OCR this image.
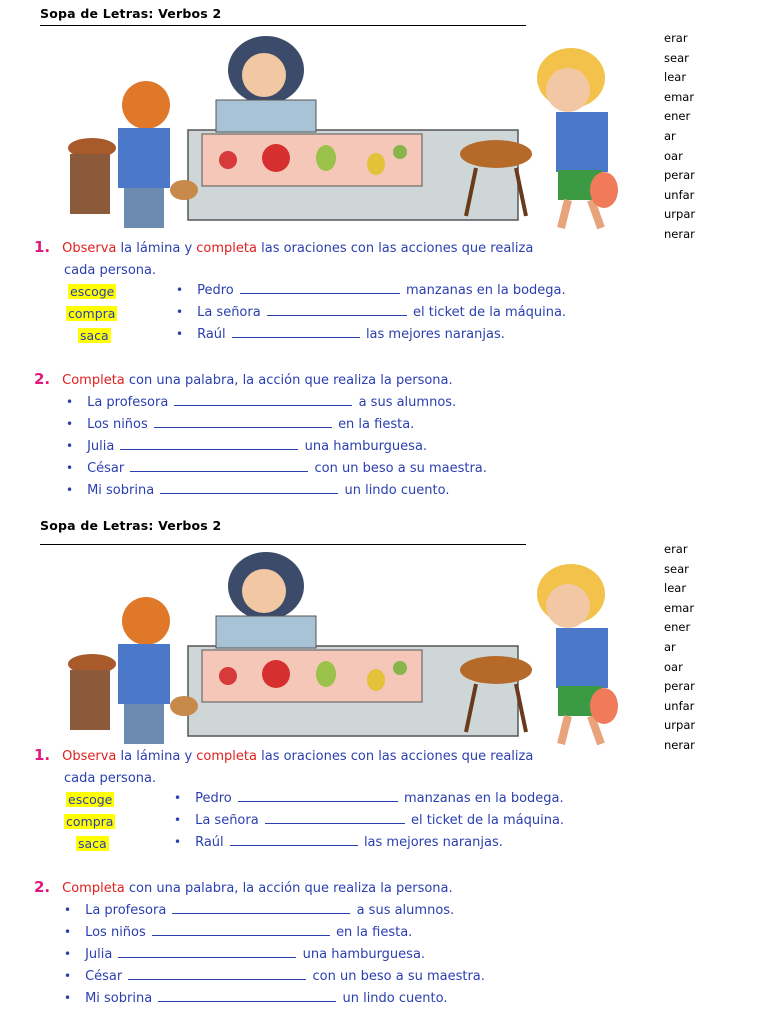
Sopa de Letras: Verbos 2
erar
sear
lear
emar
ener
ar
oar
perar
unfar
urpar
nerar
1. Observa la lámina y completa las oraciones con las acciones que realiza
cada persona.
escoge
compra
saca
• Pedro	manzanas en la bodega.
• La señora	el ticket de la máquina.
• Raúl	las mejores naranjas.
2. Completa con una palabra, la acción que realiza la persona.
• La profesora	a sus alumnos.
• Los niños	en la fiesta.
• Julia	una hamburguesa.
• César	con un beso a su maestra.
• Mi sobrina	un lindo cuento.
Sopa de Letras: Verbos 2
erar
sear
lear
emar
ener
ar
oar
perar
unfar
urpar
nerar
1. Observa la lámina y completa las oraciones con las acciones que realiza
cada persona.
escoge
compra
saca
• Pedro	manzanas en la bodega.
• La señora	el ticket de la máquina.
• Raúl	las mejores naranjas.
2. Completa con una palabra, la acción que realiza la persona.
• La profesora	a sus alumnos.
• Los niños	en la fiesta.
• Julia	una hamburguesa.
• César	con un beso a su maestra.
• Mi sobrina	un lindo cuento.
